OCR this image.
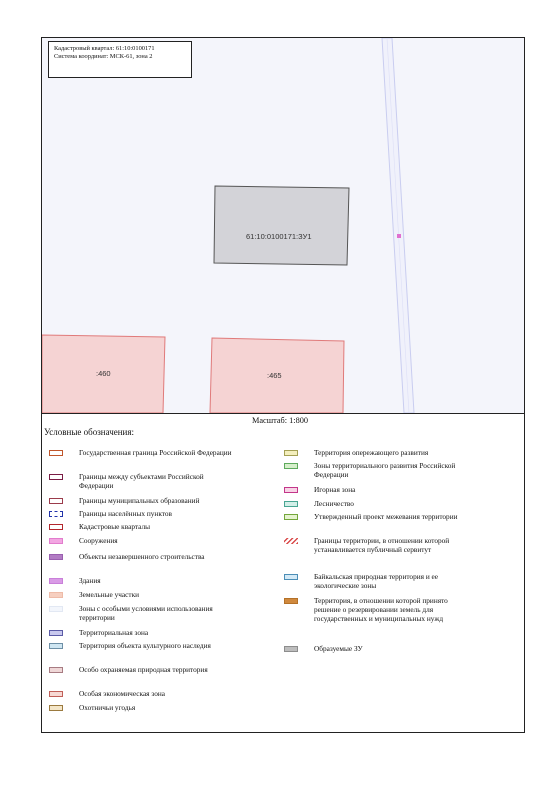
61:10:0100171:ЗУ1
:460	:465
Кадастровый квартал: 61:10:0100171
Система координат: МСК-61, зона 2
Масштаб: 1:800
Условные обозначения:
Государственная граница Российской Федерации
Границы между субъектами Российской Федерации
Границы муниципальных образований
Границы населённых пунктов
Кадастровые кварталы
Сооружения
Объекты незавершенного строительства
Здания
Земельные участки
Зоны с особыми условиями использования территории
Территориальная зона
Территория объекта культурного наследия
Особо охраняемая природная территория
Особая экономическая зона
Охотничьи угодья
Территория опережающего развития
Зоны территориального развития Российской Федерации
Игорная зона
Лесничество
Утвержденный проект межевания территории
Границы территории, в отношении которой устанавливается публичный сервитут
Байкальская природная территория и ее экологические зоны
Территория, в отношении которой принято решение о резервировании земель для государственных и муниципальных нужд
Образуемые ЗУ
